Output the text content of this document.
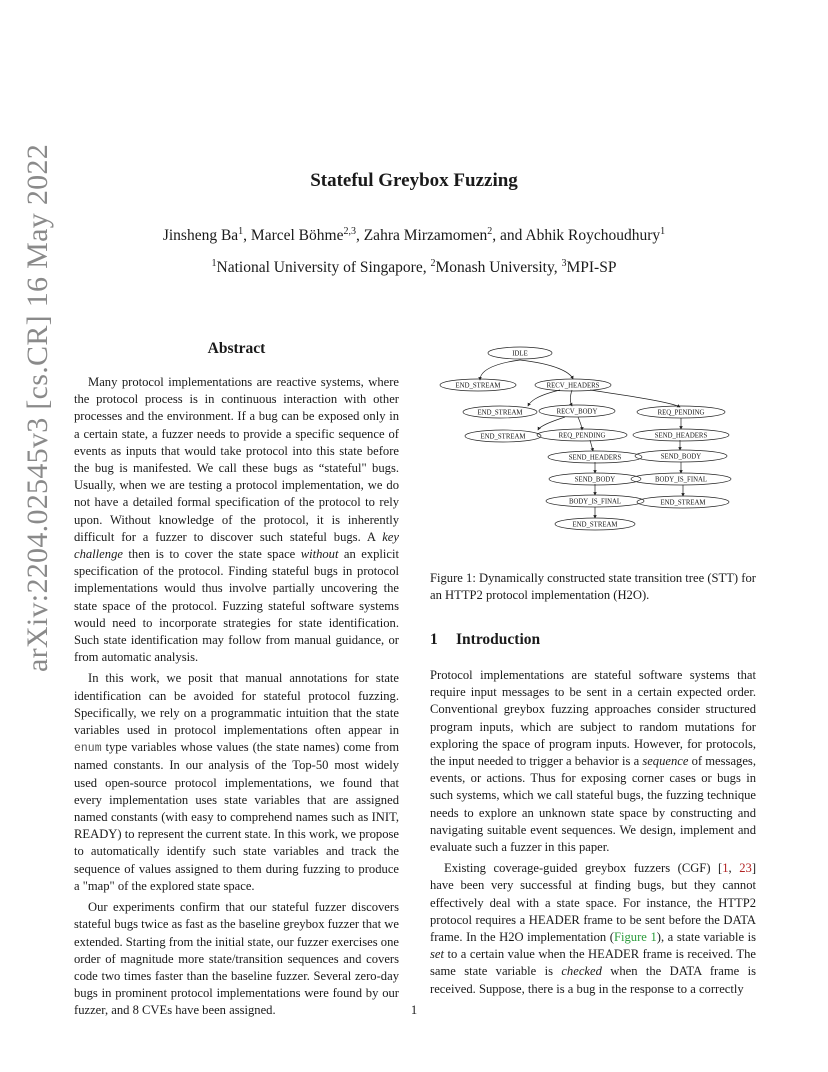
arXiv:2204.02545v3 [cs.CR] 16 May 2022	Stateful Greybox Fuzzing
Jinsheng Ba$^1$, Marcel Böhme$^{2,3}$, Zahra Mirzamomen$^2$, and Abhik Roychoudhury$^1$
$^1$National University of Singapore, $^2$Monash University, $^3$MPI-SP
Abstract

Many protocol implementations are reactive systems, where the protocol process is in continuous interaction with other processes and the environment. If a bug can be exposed only in a certain state, a fuzzer needs to provide a specific sequence of events as inputs that would take protocol into this state before the bug is manifested. We call these bugs as “stateful" bugs. Usually, when we are testing a protocol implementation, we do not have a detailed formal specification of the protocol to rely upon. Without knowledge of the protocol, it is inherently difficult for a fuzzer to discover such stateful bugs. A key challenge then is to cover the state space without an explicit specification of the protocol. Finding stateful bugs in protocol implementations would thus involve partially uncovering the state space of the protocol. Fuzzing stateful software systems would need to incorporate strategies for state identification. Such state identification may follow from manual guidance, or from automatic analysis.

In this work, we posit that manual annotations for state identification can be avoided for stateful protocol fuzzing. Specifically, we rely on a programmatic intuition that the state variables used in protocol implementations often appear in enum type variables whose values (the state names) come from named constants. In our analysis of the Top-50 most widely used open-source protocol implementations, we found that every implementation uses state variables that are assigned named constants (with easy to comprehend names such as INIT, READY) to represent the current state. In this work, we propose to automatically identify such state variables and track the sequence of values assigned to them during fuzzing to produce a "map" of the explored state space.

Our experiments confirm that our stateful fuzzer discovers stateful bugs twice as fast as the baseline greybox fuzzer that we extended. Starting from the initial state, our fuzzer exercises one order of magnitude more state/transition sequences and covers code two times faster than the baseline fuzzer. Several zero-day bugs in prominent protocol implementations were found by our fuzzer, and 8 CVEs have been assigned.

IDLE
END_STREAM	RECV_HEADERS
END_STREAM	RECV_BODY	REQ_PENDING
END_STREAM	REQ_PENDING	SEND_HEADERS
SEND_HEADERS	SEND_BODY
SEND_BODY	BODY_IS_FINAL
BODY_IS_FINAL	END_STREAM
END_STREAM
Figure 1: Dynamically constructed state transition tree (STT) for an HTTP2 protocol implementation (H2O).
1 Introduction

Protocol implementations are stateful software systems that require input messages to be sent in a certain expected order. Conventional greybox fuzzing approaches consider structured program inputs, which are subject to random mutations for exploring the space of program inputs. However, for protocols, the input needed to trigger a behavior is a sequence of messages, events, or actions. Thus for exposing corner cases or bugs in such systems, which we call stateful bugs, the fuzzing technique needs to explore an unknown state space by constructing and navigating suitable event sequences. We design, implement and evaluate such a fuzzer in this paper.

Existing coverage-guided greybox fuzzers (CGF) [1, 23] have been very successful at finding bugs, but they cannot effectively deal with a state space. For instance, the HTTP2 protocol requires a HEADER frame to be sent before the DATA frame. In the H2O implementation (Figure 1), a state variable is set to a certain value when the HEADER frame is received. The same state variable is checked when the DATA frame is received. Suppose, there is a bug in the response to a correctly

1
